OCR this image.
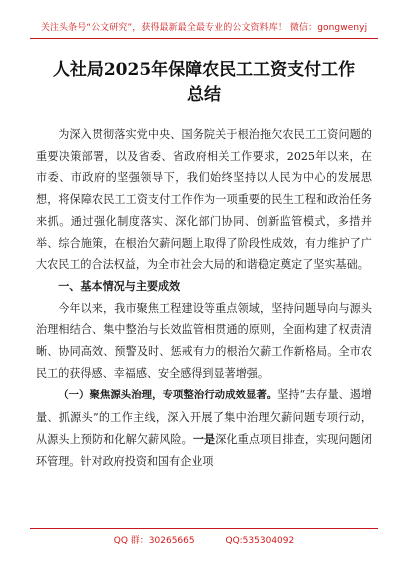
关注头条号“公文研究”，获得最新最全最专业的公文资料库！ 微信：gongwenyj
人社局2025年保障农民工工资支付工作
总结

为深入贯彻落实党中央、国务院关于根治拖欠农民工工资问题的重要决策部署，以及省委、省政府相关工作要求，2025年以来，在市委、市政府的坚强领导下，我们始终坚持以人民为中心的发展思想，将保障农民工工资支付工作作为一项重要的民生工程和政治任务来抓。通过强化制度落实、深化部门协同、创新监管模式，多措并举、综合施策，在根治欠薪问题上取得了阶段性成效，有力维护了广大农民工的合法权益，为全市社会大局的和谐稳定奠定了坚实基础。

一、基本情况与主要成效

今年以来，我市聚焦工程建设等重点领域，坚持问题导向与源头治理相结合、集中整治与长效监管相贯通的原则，全面构建了权责清晰、协同高效、预警及时、惩戒有力的根治欠薪工作新格局。全市农民工的获得感、幸福感、安全感得到显著增强。

（一）聚焦源头治理，专项整治行动成效显著。坚持“去存量、遏增量、抓源头”的工作主线，深入开展了集中治理欠薪问题专项行动，从源头上预防和化解欠薪风险。一是深化重点项目排查，实现问题闭环管理。针对政府投资和国有企业项

QQ 群：30265665	QQ:535304092
